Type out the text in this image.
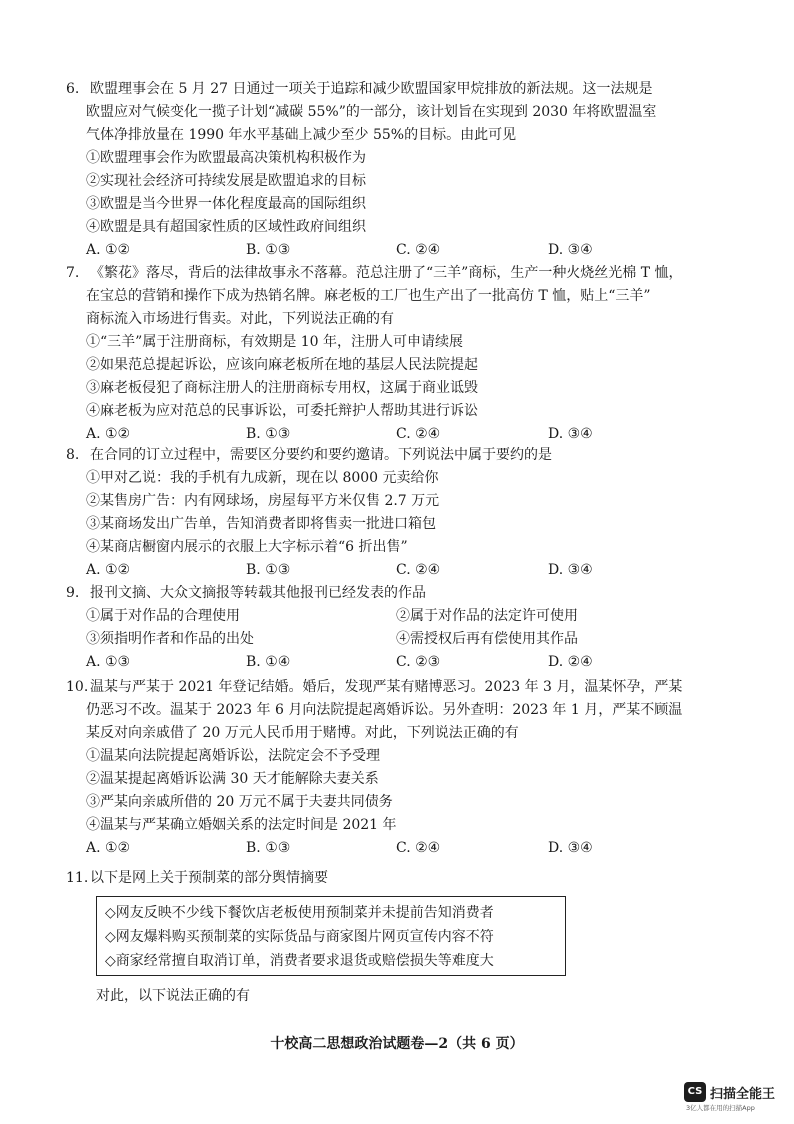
6. 欧盟理事会在 5 月 27 日通过一项关于追踪和减少欧盟国家甲烷排放的新法规。这一法规是
欧盟应对气候变化一揽子计划“减碳 55%”的一部分，该计划旨在实现到 2030 年将欧盟温室
气体净排放量在 1990 年水平基础上减少至少 55%的目标。由此可见
①欧盟理事会作为欧盟最高决策机构积极作为
②实现社会经济可持续发展是欧盟追求的目标
③欧盟是当今世界一体化程度最高的国际组织
④欧盟是具有超国家性质的区域性政府间组织
A. ①②	B. ①③	C. ②④	D. ③④
7. 《繁花》落尽，背后的法律故事永不落幕。范总注册了“三羊”商标，生产一种火烧丝光棉 T 恤，
在宝总的营销和操作下成为热销名牌。麻老板的工厂也生产出了一批高仿 T 恤，贴上“三羊”
商标流入市场进行售卖。对此，下列说法正确的有
①“三羊”属于注册商标，有效期是 10 年，注册人可申请续展
②如果范总提起诉讼，应该向麻老板所在地的基层人民法院提起
③麻老板侵犯了商标注册人的注册商标专用权，这属于商业诋毁
④麻老板为应对范总的民事诉讼，可委托辩护人帮助其进行诉讼
A. ①②	B. ①③	C. ②④	D. ③④
8. 在合同的订立过程中，需要区分要约和要约邀请。下列说法中属于要约的是
①甲对乙说：我的手机有九成新，现在以 8000 元卖给你
②某售房广告：内有网球场，房屋每平方米仅售 2.7 万元
③某商场发出广告单，告知消费者即将售卖一批进口箱包
④某商店橱窗内展示的衣服上大字标示着“6 折出售”
A. ①②	B. ①③	C. ②④	D. ③④
9. 报刊文摘、大众文摘报等转载其他报刊已经发表的作品
①属于对作品的合理使用	②属于对作品的法定许可使用
③须指明作者和作品的出处	④需授权后再有偿使用其作品
A. ①③	B. ①④	C. ②③	D. ②④
10. 温某与严某于 2021 年登记结婚。婚后，发现严某有赌博恶习。2023 年 3 月，温某怀孕，严某
仍恶习不改。温某于 2023 年 6 月向法院提起离婚诉讼。另外查明：2023 年 1 月，严某不顾温
某反对向亲戚借了 20 万元人民币用于赌博。对此，下列说法正确的有
①温某向法院提起离婚诉讼，法院定会不予受理
②温某提起离婚诉讼满 30 天才能解除夫妻关系
③严某向亲戚所借的 20 万元不属于夫妻共同债务
④温某与严某确立婚姻关系的法定时间是 2021 年
A. ①②	B. ①③	C. ②④	D. ③④
11. 以下是网上关于预制菜的部分舆情摘要
◇网友反映不少线下餐饮店老板使用预制菜并未提前告知消费者
◇网友爆料购买预制菜的实际货品与商家图片网页宣传内容不符
◇商家经常擅自取消订单，消费者要求退货或赔偿损失等难度大
对此，以下说法正确的有
十校高二思想政治试题卷—2（共 6 页）
CS 扫描全能王
3亿人都在用的扫描App
